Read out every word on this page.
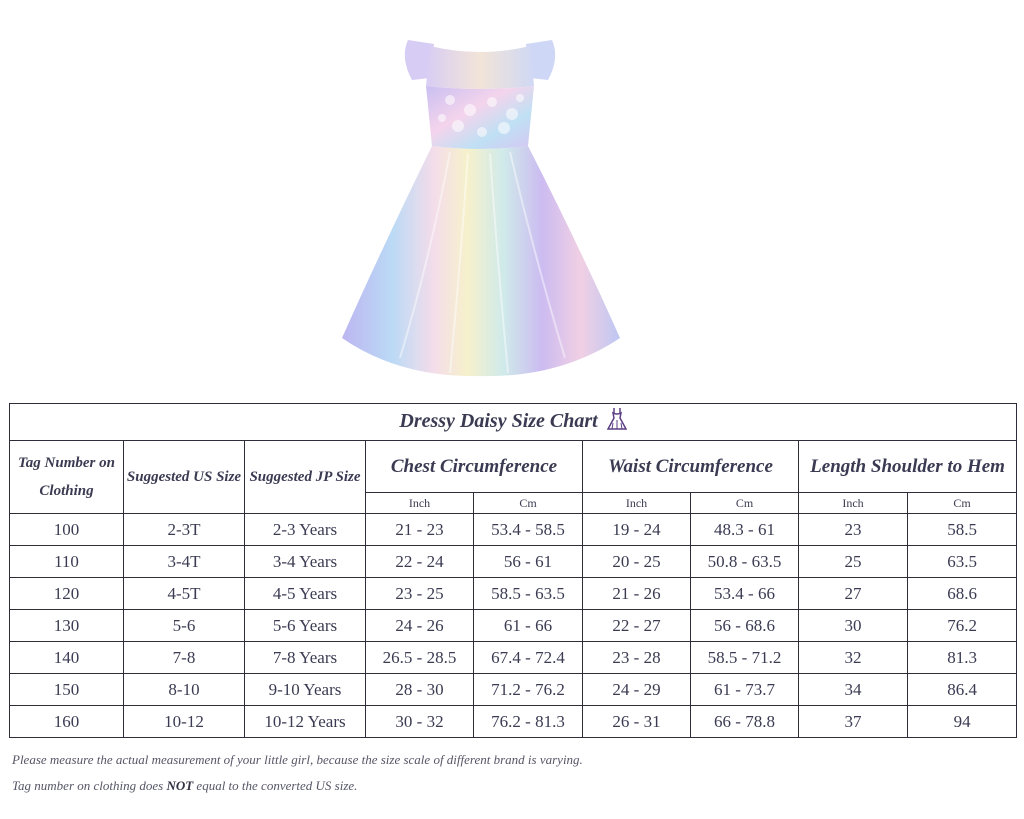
Dressy Daisy Size Chart								
Tag Number on Clothing	Suggested US Size	Suggested JP Size	Chest Circumference		Waist Circumference		Length Shoulder to Hem	
			Inch	Cm	Inch	Cm	Inch	Cm
100	2-3T	2-3 Years	21 - 23	53.4 - 58.5	19 - 24	48.3 - 61	23	58.5
110	3-4T	3-4 Years	22 - 24	56 - 61	20 - 25	50.8 - 63.5	25	63.5
120	4-5T	4-5 Years	23 - 25	58.5 - 63.5	21 - 26	53.4 - 66	27	68.6
130	5-6	5-6 Years	24 - 26	61 - 66	22 - 27	56 - 68.6	30	76.2
140	7-8	7-8 Years	26.5 - 28.5	67.4 - 72.4	23 - 28	58.5 - 71.2	32	81.3
150	8-10	9-10 Years	28 - 30	71.2 - 76.2	24 - 29	61 - 73.7	34	86.4
160	10-12	10-12 Years	30 - 32	76.2 - 81.3	26 - 31	66 - 78.8	37	94

Please measure the actual measurement of your little girl, because the size scale of different brand is varying.

Tag number on clothing does NOT equal to the converted US size.
